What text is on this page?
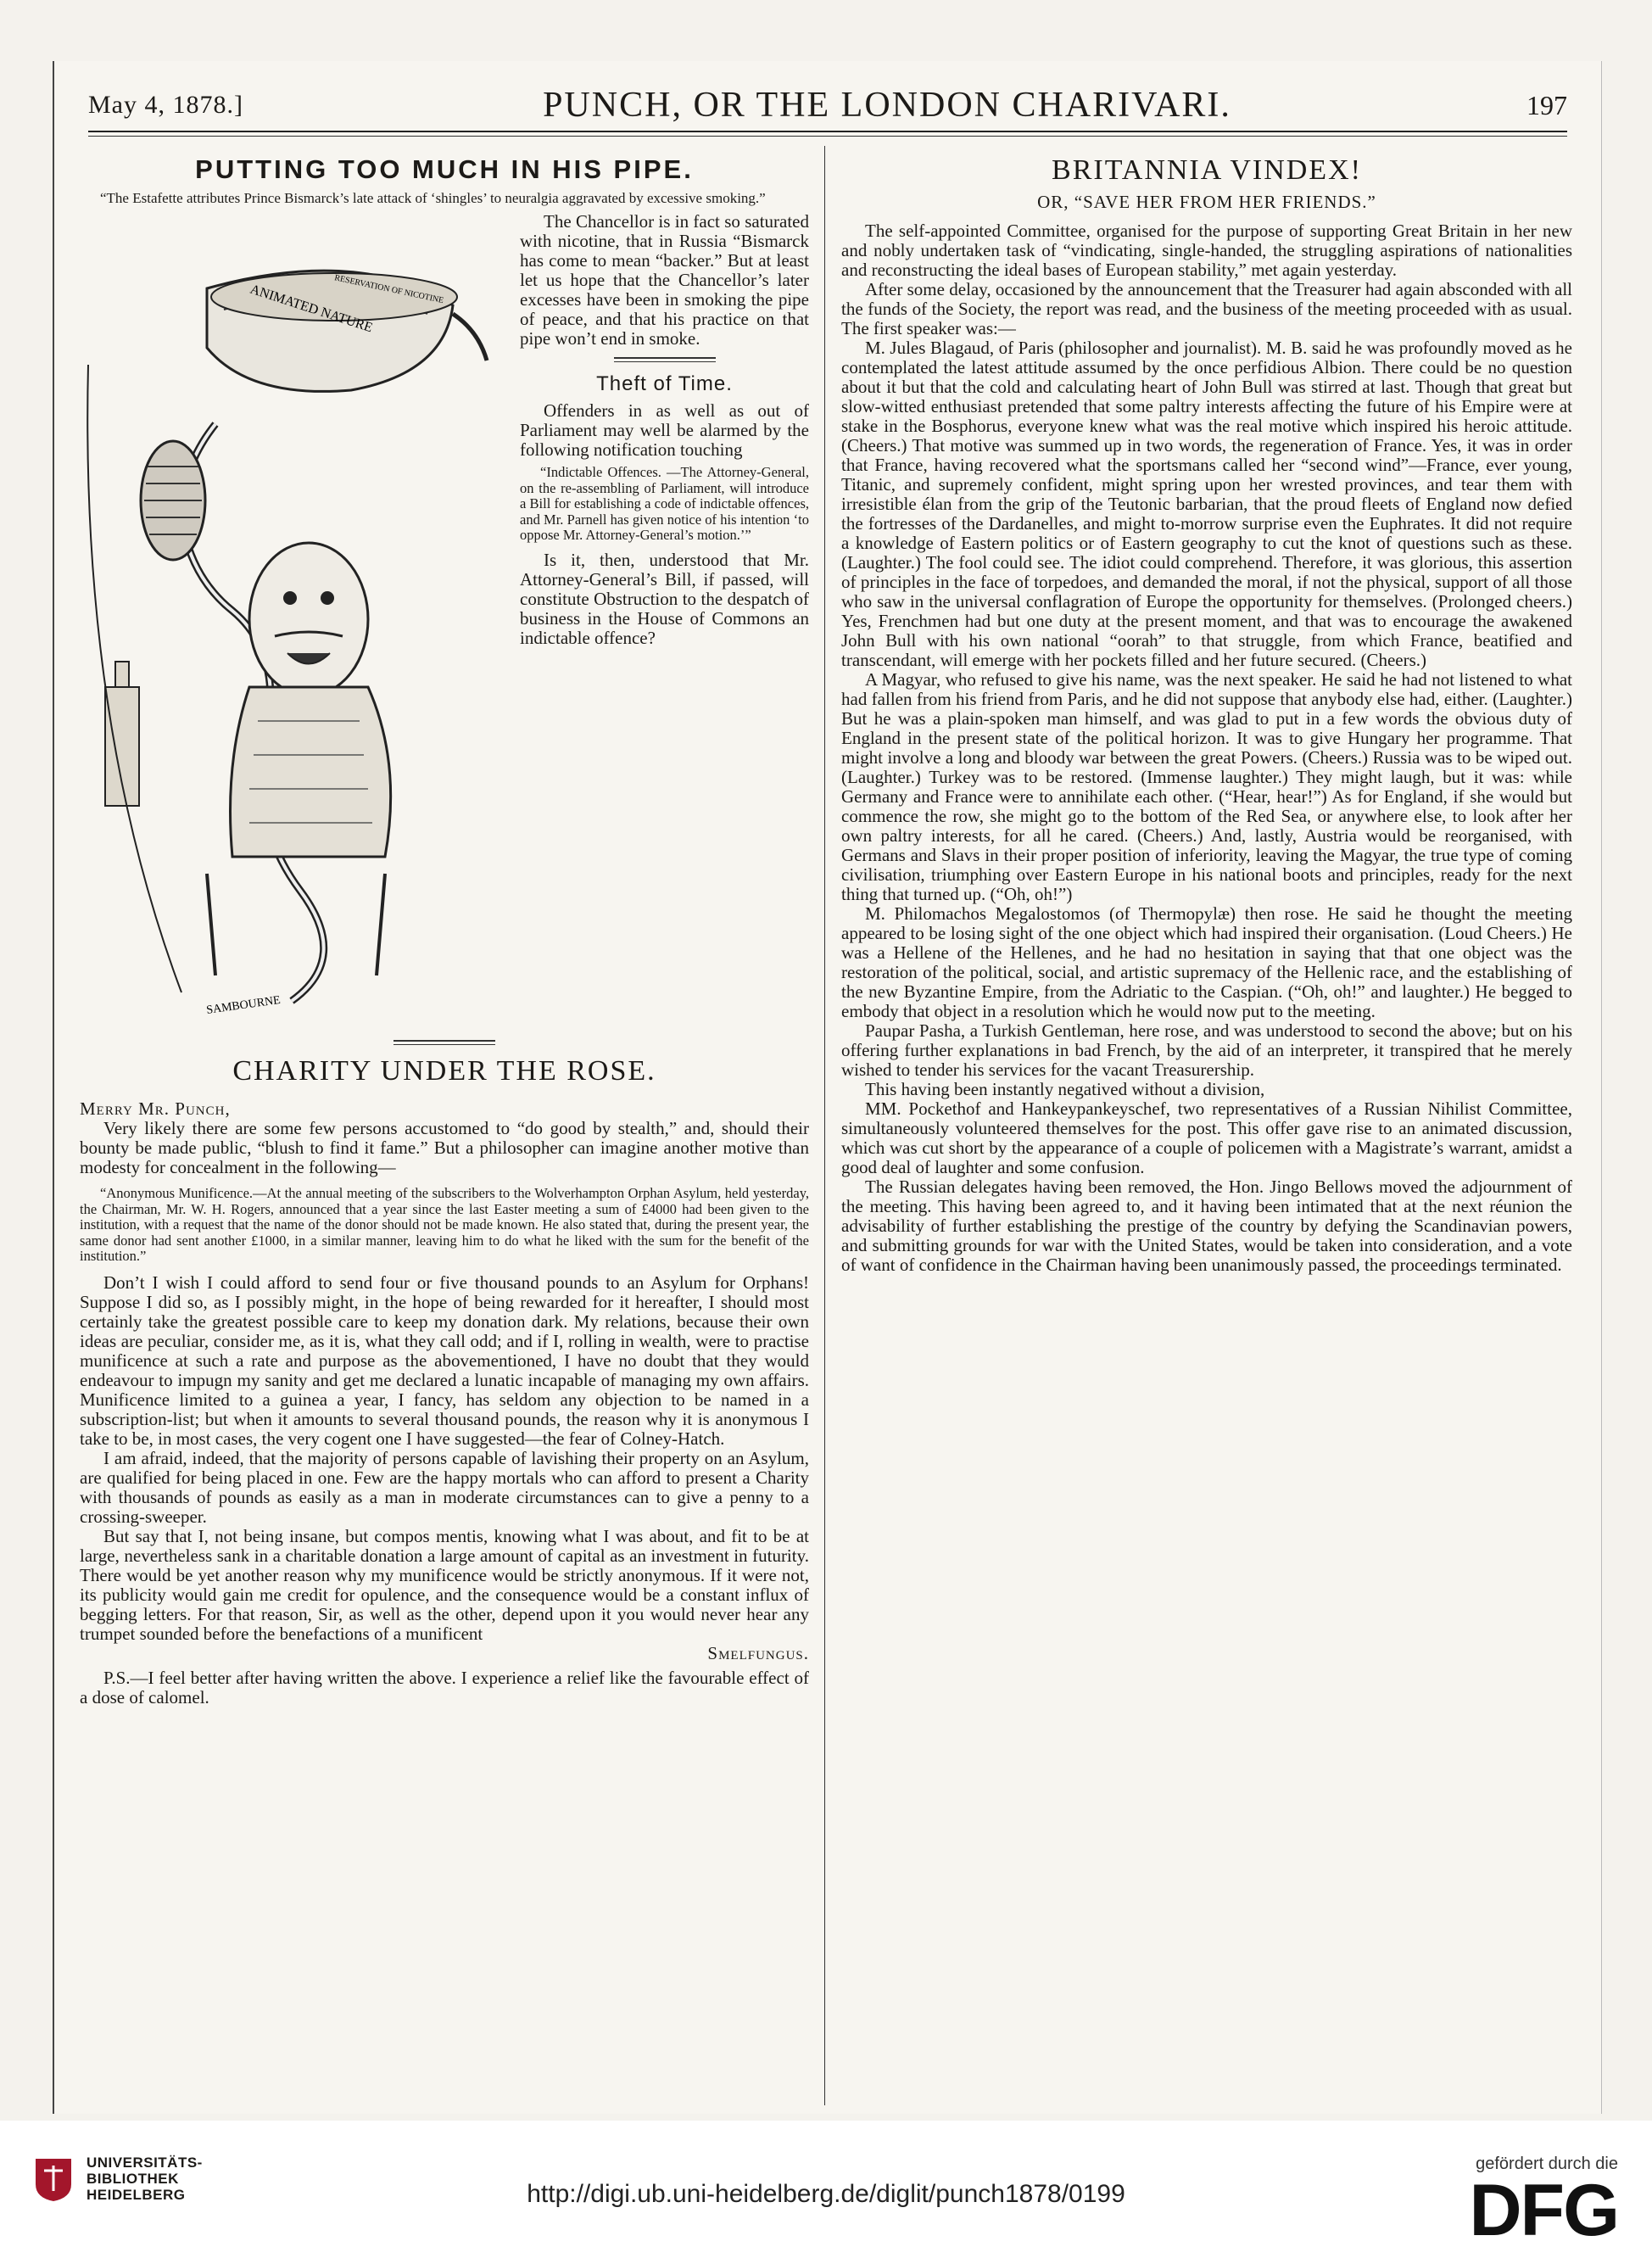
May 4, 1878.]	PUNCH, OR THE LONDON CHARIVARI.	197
PUTTING TOO MUCH IN HIS PIPE.

“The Estafette attributes Prince Bismarck’s late attack of ‘shingles’ to neuralgia aggravated by excessive smoking.”

ANIMATED NATURE
RESERVATION OF NICOTINE
SAMBOURNE

The Chancellor is in fact so saturated with nicotine, that in Russia “Bismarck has come to mean “backer.” But at least let us hope that the Chancellor’s later excesses have been in smoking the pipe of peace, and that his practice on that pipe won’t end in smoke.

Theft of Time.

Offenders in as well as out of Parliament may well be alarmed by the following notification touching

“Indictable Offences. —The Attorney-General, on the re-assembling of Parliament, will introduce a Bill for establishing a code of indictable offences, and Mr. Parnell has given notice of his intention ‘to oppose Mr. Attorney-General’s motion.’”

Is it, then, understood that Mr. Attorney-General’s Bill, if passed, will constitute Obstruction to the despatch of business in the House of Commons an indictable offence?

CHARITY UNDER THE ROSE.

Merry Mr. Punch,

Very likely there are some few persons accustomed to “do good by stealth,” and, should their bounty be made public, “blush to find it fame.” But a philosopher can imagine another motive than modesty for concealment in the following—

“Anonymous Munificence.—At the annual meeting of the subscribers to the Wolverhampton Orphan Asylum, held yesterday, the Chairman, Mr. W. H. Rogers, announced that a year since the last Easter meeting a sum of £4000 had been given to the institution, with a request that the name of the donor should not be made known. He also stated that, during the present year, the same donor had sent another £1000, in a similar manner, leaving him to do what he liked with the sum for the benefit of the institution.”

Don’t I wish I could afford to send four or five thousand pounds to an Asylum for Orphans! Suppose I did so, as I possibly might, in the hope of being rewarded for it hereafter, I should most certainly take the greatest possible care to keep my donation dark. My relations, because their own ideas are peculiar, consider me, as it is, what they call odd; and if I, rolling in wealth, were to practise munificence at such a rate and purpose as the abovementioned, I have no doubt that they would endeavour to impugn my sanity and get me declared a lunatic incapable of managing my own affairs. Munificence limited to a guinea a year, I fancy, has seldom any objection to be named in a subscription-list; but when it amounts to several thousand pounds, the reason why it is anonymous I take to be, in most cases, the very cogent one I have suggested—the fear of Colney-Hatch.

I am afraid, indeed, that the majority of persons capable of lavishing their property on an Asylum, are qualified for being placed in one. Few are the happy mortals who can afford to present a Charity with thousands of pounds as easily as a man in moderate circumstances can to give a penny to a crossing-sweeper.

But say that I, not being insane, but compos mentis, knowing what I was about, and fit to be at large, nevertheless sank in a charitable donation a large amount of capital as an investment in futurity. There would be yet another reason why my munificence would be strictly anonymous. If it were not, its publicity would gain me credit for opulence, and the consequence would be a constant influx of begging letters. For that reason, Sir, as well as the other, depend upon it you would never hear any trumpet sounded before the benefactions of a munificent

Smelfungus.

P.S.—I feel better after having written the above. I experience a relief like the favourable effect of a dose of calomel.

BRITANNIA VINDEX!
OR, “SAVE HER FROM HER FRIENDS.”

The self-appointed Committee, organised for the purpose of supporting Great Britain in her new and nobly undertaken task of “vindicating, single-handed, the struggling aspirations of nationalities and reconstructing the ideal bases of European stability,” met again yesterday.

After some delay, occasioned by the announcement that the Treasurer had again absconded with all the funds of the Society, the report was read, and the business of the meeting proceeded with as usual. The first speaker was:—

M. Jules Blagaud, of Paris (philosopher and journalist). M. B. said he was profoundly moved as he contemplated the latest attitude assumed by the once perfidious Albion. There could be no question about it but that the cold and calculating heart of John Bull was stirred at last. Though that great but slow-witted enthusiast pretended that some paltry interests affecting the future of his Empire were at stake in the Bosphorus, everyone knew what was the real motive which inspired his heroic attitude. (Cheers.) That motive was summed up in two words, the regeneration of France. Yes, it was in order that France, having recovered what the sportsmans called her “second wind”—France, ever young, Titanic, and supremely confident, might spring upon her wrested provinces, and tear them with irresistible élan from the grip of the Teutonic barbarian, that the proud fleets of England now defied the fortresses of the Dardanelles, and might to-morrow surprise even the Euphrates. It did not require a knowledge of Eastern politics or of Eastern geography to cut the knot of questions such as these. (Laughter.) The fool could see. The idiot could comprehend. Therefore, it was glorious, this assertion of principles in the face of torpedoes, and demanded the moral, if not the physical, support of all those who saw in the universal conflagration of Europe the opportunity for themselves. (Prolonged cheers.) Yes, Frenchmen had but one duty at the present moment, and that was to encourage the awakened John Bull with his own national “oorah” to that struggle, from which France, beatified and transcendant, will emerge with her pockets filled and her future secured. (Cheers.)

A Magyar, who refused to give his name, was the next speaker. He said he had not listened to what had fallen from his friend from Paris, and he did not suppose that anybody else had, either. (Laughter.) But he was a plain-spoken man himself, and was glad to put in a few words the obvious duty of England in the present state of the political horizon. It was to give Hungary her programme. That might involve a long and bloody war between the great Powers. (Cheers.) Russia was to be wiped out. (Laughter.) Turkey was to be restored. (Immense laughter.) They might laugh, but it was: while Germany and France were to annihilate each other. (“Hear, hear!”) As for England, if she would but commence the row, she might go to the bottom of the Red Sea, or anywhere else, to look after her own paltry interests, for all he cared. (Cheers.) And, lastly, Austria would be reorganised, with Germans and Slavs in their proper position of inferiority, leaving the Magyar, the true type of coming civilisation, triumphing over Eastern Europe in his national boots and principles, ready for the next thing that turned up. (“Oh, oh!”)

M. Philomachos Megalostomos (of Thermopylæ) then rose. He said he thought the meeting appeared to be losing sight of the one object which had inspired their organisation. (Loud Cheers.) He was a Hellene of the Hellenes, and he had no hesitation in saying that that one object was the restoration of the political, social, and artistic supremacy of the Hellenic race, and the establishing of the new Byzantine Empire, from the Adriatic to the Caspian. (“Oh, oh!” and laughter.) He begged to embody that object in a resolution which he would now put to the meeting.

Paupar Pasha, a Turkish Gentleman, here rose, and was understood to second the above; but on his offering further explanations in bad French, by the aid of an interpreter, it transpired that he merely wished to tender his services for the vacant Treasurership.

This having been instantly negatived without a division,

MM. Pockethof and Hankeypankeyschef, two representatives of a Russian Nihilist Committee, simultaneously volunteered themselves for the post. This offer gave rise to an animated discussion, which was cut short by the appearance of a couple of policemen with a Magistrate’s warrant, amidst a good deal of laughter and some confusion.

The Russian delegates having been removed, the Hon. Jingo Bellows moved the adjournment of the meeting. This having been agreed to, and it having been intimated that at the next réunion the advisability of further establishing the prestige of the country by defying the Scandinavian powers, and submitting grounds for war with the United States, would be taken into consideration, and a vote of want of confidence in the Chairman having been unanimously passed, the proceedings terminated.

UNIVERSITÄTS-
BIBLIOTHEK
HEIDELBERG	http://digi.ub.uni-heidelberg.de/diglit/punch1878/0199
gefördert durch die
DFG
